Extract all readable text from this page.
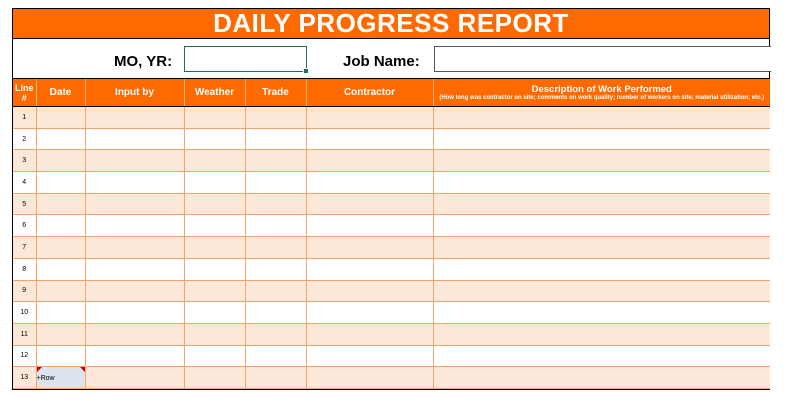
DAILY PROGRESS REPORT
MO, YR:	Job Name:
Line
#	Date	Input by	Weather	Trade	Contractor	Description of Work Performed
(How long was contractor on site; comments on work quality; number of workers on site; material utilization; etc.)

1						
2						
3						
4						
5						
6						
7						
8						
9						
10						
11						
12						
13	+Row					
